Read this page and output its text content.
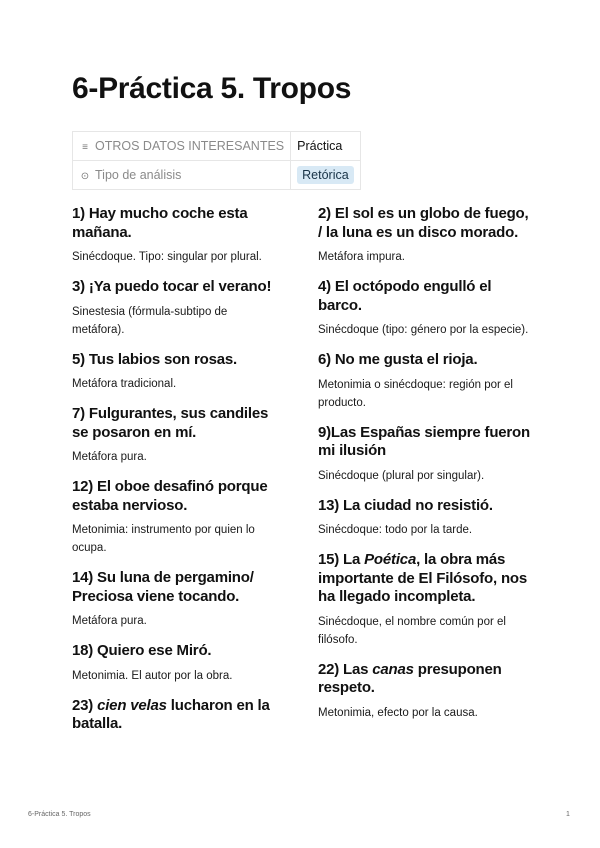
6-Práctica 5. Tropos
≡ OTROS DATOS INTERESANTES	Práctica
⊙ Tipo de análisis	Retórica
1) Hay mucho coche esta mañana.

Sinécdoque. Tipo: singular por plural.

3) ¡Ya puedo tocar el verano!

Sinestesia (fórmula-subtipo de metáfora).

5) Tus labios son rosas.

Metáfora tradicional.

7) Fulgurantes, sus candiles se posaron en mí.

Metáfora pura.

12) El oboe desafinó porque estaba nervioso.

Metonimia: instrumento por quien lo ocupa.

14) Su luna de pergamino/ Preciosa viene tocando.

Metáfora pura.

18) Quiero ese Miró.

Metonimia. El autor por la obra.

23) cien velas lucharon en la batalla.

2) El sol es un globo de fuego, / la luna es un disco morado.

Metáfora impura.

4) El octópodo engulló el barco.

Sinécdoque (tipo: género por la especie).

6) No me gusta el rioja.

Metonimia o sinécdoque: región por el producto.

9)Las Españas siempre fueron mi ilusión

Sinécdoque (plural por singular).

13) La ciudad no resistió.

Sinécdoque: todo por la tarde.

15) La Poética, la obra más importante de El Filósofo, nos ha llegado incompleta.

Sinécdoque, el nombre común por el filósofo.

22) Las canas presuponen respeto.

Metonimia, efecto por la causa.

6-Práctica 5. Tropos	1
